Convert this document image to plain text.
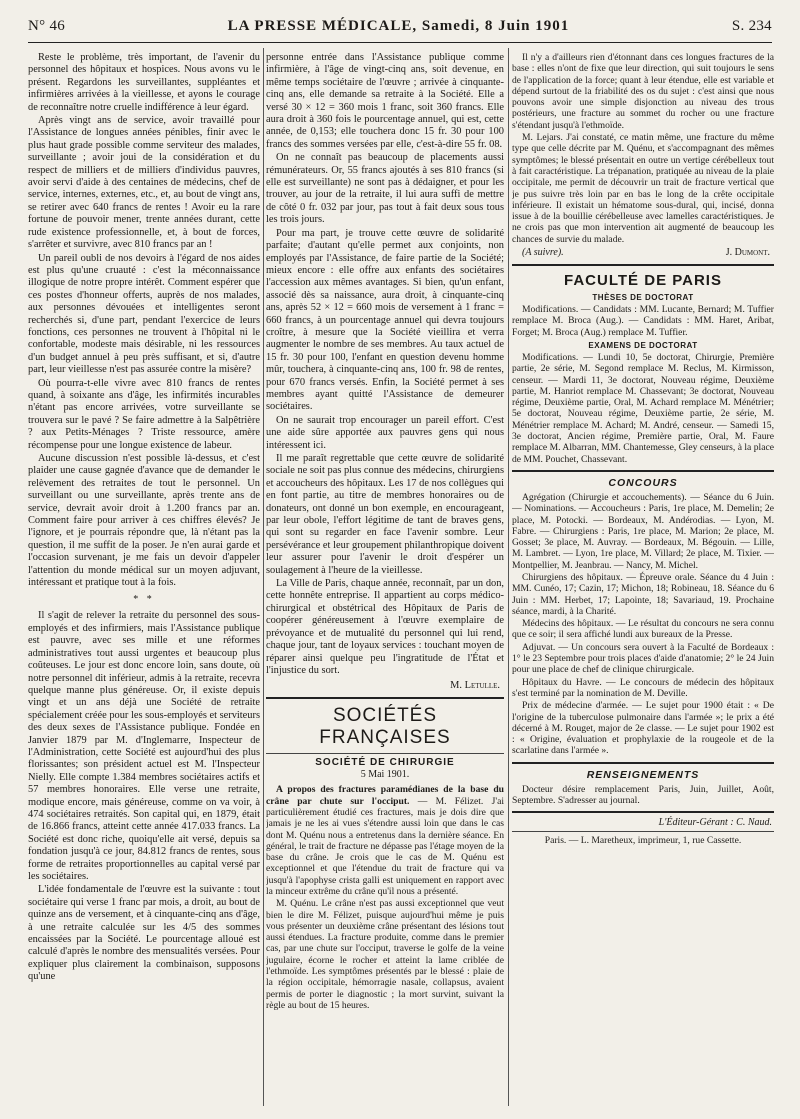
N° 46	LA PRESSE MÉDICALE, Samedi, 8 Juin 1901	S. 234

Reste le problème, très important, de l'avenir du personnel des hôpitaux et hospices. Nous avons vu le présent. Regardons les surveillantes, suppléantes et infirmières arrivées à la vieillesse, et ayons le courage de reconnaître notre cruelle indifférence à leur égard.

Après vingt ans de service, avoir travaillé pour l'Assistance de longues années pénibles, finir avec le plus haut grade possible comme serviteur des malades, surveillante ; avoir joui de la considération et du respect de milliers et de milliers d'individus pauvres, avoir servi d'aide à des centaines de médecins, chef de service, internes, externes, etc., et, au bout de vingt ans, se retirer avec 640 francs de rentes ! Avoir eu la rare fortune de pouvoir mener, trente années durant, cette rude existence professionnelle, et, à bout de forces, s'arrêter et survivre, avec 810 francs par an !

Un pareil oubli de nos devoirs à l'égard de nos aides est plus qu'une cruauté : c'est la méconnaissance illogique de notre propre intérêt. Comment espérer que ces postes d'honneur offerts, auprès de nos malades, aux personnes dévouées et intelligentes seront recherchés si, d'une part, pendant l'exercice de leurs fonctions, ces personnes ne trouvent à l'hôpital ni le confortable, modeste mais désirable, ni les ressources d'un budget annuel à peu près suffisant, et si, d'autre part, leur vieillesse n'est pas assurée contre la misère?

Où pourra-t-elle vivre avec 810 francs de rentes quand, à soixante ans d'âge, les infirmités incurables n'étant pas encore arrivées, votre surveillante se trouvera sur le pavé ? Se faire admettre à la Salpêtrière ? aux Petits-Ménages ? Triste ressource, amère récompense pour une longue existence de labeur.

Aucune discussion n'est possible là-dessus, et c'est plaider une cause gagnée d'avance que de demander le relèvement des retraites de tout le personnel. Un surveillant ou une surveillante, après trente ans de service, devrait avoir droit à 1.200 francs par an. Comment faire pour arriver à ces chiffres élevés? Je l'ignore, et je pourrais répondre que, là n'étant pas la question, il me suffit de la poser. Je n'en aurai garde et l'occasion survenant, je me fais un devoir d'appeler l'attention du monde médical sur un moyen adjuvant, intéressant et pratique tout à la fois.

* *

Il s'agit de relever la retraite du personnel des sous-employés et des infirmiers, mais l'Assistance publique est pauvre, avec ses mille et une réformes administratives tout aussi urgentes et beaucoup plus coûteuses. Le jour est donc encore loin, sans doute, où notre personnel dit inférieur, admis à la retraite, recevra quelque manne plus généreuse. Or, il existe depuis vingt et un ans déjà une Société de retraite spécialement créée pour les sous-employés et serviteurs des deux sexes de l'Assistance publique. Fondée en Janvier 1879 par M. d'Inglemarre, Inspecteur de l'Administration, cette Société est aujourd'hui des plus florissantes; son président actuel est M. l'Inspecteur Nielly. Elle compte 1.384 membres sociétaires actifs et 57 membres honoraires. Elle verse une retraite, modique encore, mais généreuse, comme on va voir, à 474 sociétaires retraités. Son capital qui, en 1879, était de 16.866 francs, atteint cette année 417.033 francs. La Société est donc riche, quoiqu'elle ait versé, depuis sa fondation jusqu'à ce jour, 84.812 francs de rentes, sous forme de retraites proportionnelles au capital versé par les sociétaires.

L'idée fondamentale de l'œuvre est la suivante : tout sociétaire qui verse 1 franc par mois, a droit, au bout de quinze ans de versement, et à cinquante-cinq ans d'âge, à une retraite calculée sur les 4/5 des sommes encaissées par la Société. Le pourcentage alloué est calculé d'après le nombre des mensualités versées. Pour expliquer plus clairement la combinaison, supposons qu'une

personne entrée dans l'Assistance publique comme infirmière, à l'âge de vingt-cinq ans, soit devenue, en même temps sociétaire de l'œuvre ; arrivée à cinquante-cinq ans, elle demande sa retraite à la Société. Elle a versé 30 × 12 = 360 mois 1 franc, soit 360 francs. Elle aura droit à 360 fois le pourcentage annuel, qui est, cette année, de 0,153; elle touchera donc 15 fr. 30 pour 100 francs des sommes versées par elle, c'est-à-dire 55 fr. 08.

On ne connaît pas beaucoup de placements aussi rémunérateurs. Or, 55 francs ajoutés à ses 810 francs (si elle est surveillante) ne sont pas à dédaigner, et pour les trouver, au jour de la retraite, il lui aura suffi de mettre de côté 0 fr. 032 par jour, pas tout à fait deux sous tous les trois jours.

Pour ma part, je trouve cette œuvre de solidarité parfaite; d'autant qu'elle permet aux conjoints, non employés par l'Assistance, de faire partie de la Société; mieux encore : elle offre aux enfants des sociétaires l'accession aux mêmes avantages. Si bien, qu'un enfant, associé dès sa naissance, aura droit, à cinquante-cinq ans, après 52 × 12 = 660 mois de versement à 1 franc = 660 francs, à un pourcentage annuel qui devra toujours croître, à mesure que la Société vieillira et verra augmenter le nombre de ses membres. Au taux actuel de 15 fr. 30 pour 100, l'enfant en question devenu homme mûr, touchera, à cinquante-cinq ans, 100 fr. 98 de rentes, pour 670 francs versés. Enfin, la Société permet à ses membres ayant quitté l'Assistance de demeurer sociétaires.

On ne saurait trop encourager un pareil effort. C'est une aide sûre apportée aux pauvres gens qui nous intéressent ici.

Il me paraît regrettable que cette œuvre de solidarité sociale ne soit pas plus connue des médecins, chirurgiens et accoucheurs des hôpitaux. Les 17 de nos collègues qui en font partie, au titre de membres honoraires ou de donateurs, ont donné un bon exemple, en encourageant, par leur obole, l'effort légitime de tant de braves gens, qui sont su regarder en face l'avenir sombre. Leur persévérance et leur groupement philanthropique doivent leur assurer pour l'avenir le droit d'espérer un soulagement à l'heure de la vieillesse.

La Ville de Paris, chaque année, reconnaît, par un don, cette honnête entreprise. Il appartient au corps médico-chirurgical et obstétrical des Hôpitaux de Paris de coopérer généreusement à l'œuvre exemplaire de prévoyance et de mutualité du personnel qui lui rend, chaque jour, tant de loyaux services : touchant moyen de réparer ainsi quelque peu l'ingratitude de l'État et l'injustice du sort.

M. Letulle.
SOCIÉTÉS FRANÇAISES
SOCIÉTÉ DE CHIRURGIE
5 Mai 1901.

A propos des fractures paramédianes de la base du crâne par chute sur l'occiput. — M. Félizet. J'ai particulièrement étudié ces fractures, mais je dois dire que jamais je ne les ai vues s'étendre aussi loin que dans le cas dont M. Quénu nous a entretenus dans la dernière séance. En général, le trait de fracture ne dépasse pas l'étage moyen de la base du crâne. Je crois que le cas de M. Quénu est exceptionnel et que l'étendue du trait de fracture qui va jusqu'à l'apophyse crista galli est uniquement en rapport avec la minceur extrême du crâne qu'il nous a présenté.

M. Quénu. Le crâne n'est pas aussi exceptionnel que veut bien le dire M. Félizet, puisque aujourd'hui même je puis vous présenter un deuxième crâne présentant des lésions tout aussi étendues. La fracture produite, comme dans le premier cas, par une chute sur l'occiput, traverse le golfe de la veine jugulaire, écorne le rocher et atteint la lame criblée de l'ethmoïde. Les symptômes présentés par le blessé : plaie de la région occipitale, hémorragie nasale, collapsus, avaient permis de porter le diagnostic ; la mort survint, suivant la règle au bout de 15 heures.

Il n'y a d'ailleurs rien d'étonnant dans ces longues fractures de la base : elles n'ont de fixe que leur direction, qui suit toujours le sens de l'application de la force; quant à leur étendue, elle est variable et dépend surtout de la friabilité des os du sujet : c'est ainsi que nous pouvons avoir une simple disjonction au niveau des trous postérieurs, une fracture au sommet du rocher ou une fracture s'étendant jusqu'à l'ethmoïde.

M. Lejars. J'ai constaté, ce matin même, une fracture du même type que celle décrite par M. Quénu, et s'accompagnant des mêmes symptômes; le blessé présentait en outre un vertige cérébelleux tout à fait caractéristique. La trépanation, pratiquée au niveau de la plaie occipitale, me permit de découvrir un trait de fracture vertical que je pus suivre très loin par en bas le long de la crête occipitale inférieure. Il existait un hématome sous-dural, qui, incisé, donna issue à de la bouillie cérébelleuse avec lamelles caractéristiques. Je ne crois pas que mon intervention ait augmenté de beaucoup les chances de survie du malade.

(A suivre).	J. Dumont.
FACULTÉ DE PARIS
THÈSES DE DOCTORAT

Modifications. — Candidats : MM. Lucante, Bernard; M. Tuffier remplace M. Broca (Aug.). — Candidats : MM. Haret, Aribat, Forget; M. Broca (Aug.) remplace M. Tuffier.

EXAMENS DE DOCTORAT

Modifications. — Lundi 10, 5e doctorat, Chirurgie, Première partie, 2e série, M. Segond remplace M. Reclus, M. Kirmisson, censeur. — Mardi 11, 3e doctorat, Nouveau régime, Deuxième partie, M. Hanriot remplace M. Chassevant; 3e doctorat, Nouveau régime, Deuxième partie, Oral, M. Achard remplace M. Ménétrier; 5e doctorat, Nouveau régime, Deuxième partie, 2e série, M. Ménétrier remplace M. Achard; M. André, censeur. — Samedi 15, 3e doctorat, Ancien régime, Première partie, Oral, M. Faure remplace M. Albarran, MM. Chantemesse, Gley censeurs, à la place de MM. Pouchet, Chassevant.

CONCOURS

Agrégation (Chirurgie et accouchements). — Séance du 6 Juin. — Nominations. — Accoucheurs : Paris, 1re place, M. Demelin; 2e place, M. Potocki. — Bordeaux, M. Andérodias. — Lyon, M. Fabre. — Chirurgiens : Paris, 1re place, M. Marion; 2e place, M. Gosset; 3e place, M. Auvray. — Bordeaux, M. Bégouin. — Lille, M. Lambret. — Lyon, 1re place, M. Villard; 2e place, M. Tixier. — Montpellier, M. Jeanbrau. — Nancy, M. Michel.

Chirurgiens des hôpitaux. — Épreuve orale. Séance du 4 Juin : MM. Cunéo, 17; Cazin, 17; Michon, 18; Robineau, 18. Séance du 6 Juin : MM. Herbet, 17; Lapointe, 18; Savariaud, 19. Prochaine séance, mardi, à la Charité.

Médecins des hôpitaux. — Le résultat du concours ne sera connu que ce soir; il sera affiché lundi aux bureaux de la Presse.

Adjuvat. — Un concours sera ouvert à la Faculté de Bordeaux : 1° le 23 Septembre pour trois places d'aide d'anatomie; 2° le 24 Juin pour une place de chef de clinique chirurgicale.

Hôpitaux du Havre. — Le concours de médecin des hôpitaux s'est terminé par la nomination de M. Deville.

Prix de médecine d'armée. — Le sujet pour 1900 était : « De l'origine de la tuberculose pulmonaire dans l'armée »; le prix a été décerné à M. Rouget, major de 2e classe. — Le sujet pour 1902 est : « Origine, évaluation et prophylaxie de la rougeole et de la scarlatine dans l'armée ».

RENSEIGNEMENTS

Docteur désire remplacement Paris, Juin, Juillet, Août, Septembre. S'adresser au journal.

L'Éditeur-Gérant : C. Naud.
Paris. — L. Maretheux, imprimeur, 1, rue Cassette.
